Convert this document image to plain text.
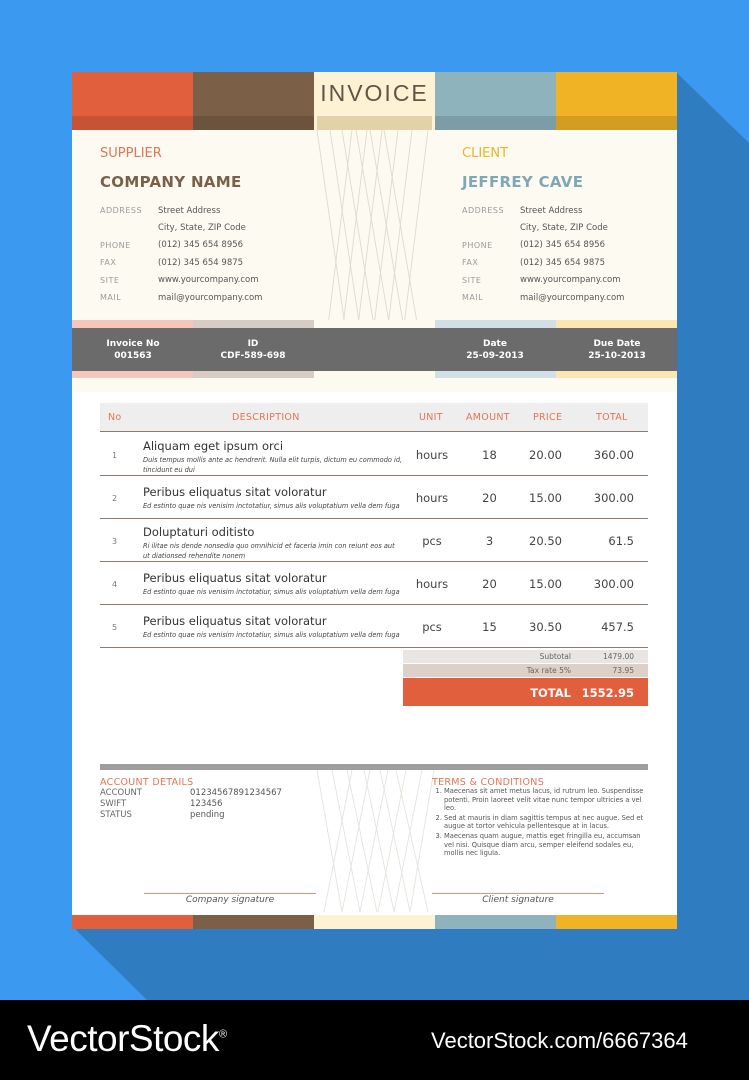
INVOICE
SUPPLIER
COMPANY NAME
ADDRESS	Street Address
	City, State, ZIP Code
PHONE	(012) 345 654 8956
FAX	(012) 345 654 9875
SITE	www.yourcompany.com
MAIL	mail@yourcompany.com
CLIENT
JEFFREY CAVE
ADDRESS	Street Address
	City, State, ZIP Code
PHONE	(012) 345 654 8956
FAX	(012) 345 654 9875
SITE	www.yourcompany.com
MAIL	mail@yourcompany.com
Invoice No
001563
ID
CDF-589-698
Date
25-09-2013
Due Date
25-10-2013
No	DESCRIPTION	UNIT AMOUNT PRICE	TOTAL
1
Aliquam eget ipsum orci
Duis tempus mollis ante ac hendrerit. Nulla elit turpis, dictum eu commodo id, tincidunt eu dui
hours	18	20.00	360.00
2 Peribus eliquatus sitat voloratur
Ed estinto quae nis venisim inctotatiur, simus alis voluptatium vella dem fuga
hours	20	15.00	300.00
3
Doluptaturi oditisto
Ri ilitae nis dende nonsedia quo omnihicid et faceria imin con reiunt eos aut ut diationsed rehendite nonem
pcs	3	20.50	61.5
4 Peribus eliquatus sitat voloratur
Ed estinto quae nis venisim inctotatiur, simus alis voluptatium vella dem fuga
hours	20	15.00	300.00
5 Peribus eliquatus sitat voloratur
Ed estinto quae nis venisim inctotatiur, simus alis voluptatium vella dem fuga
pcs	15	30.50	457.5
Subtotal	1479.00
Tax rate 5%	73.95
TOTAL 1552.95
ACCOUNT DETAILS
ACCOUNT	01234567891234567
SWIFT	123456
STATUS	pending
TERMS & CONDITIONS
1. Maecenas sit amet metus lacus, id rutrum leo. Suspendisse potenti. Proin laoreet velit vitae nunc tempor ultricies a vel leo.
2. Sed at mauris in diam sagittis tempus at nec augue. Sed et augue at tortor vehicula pellentesque at in lacus.
3. Maecenas quam augue, mattis eget fringilla eu, accumsan vel nisi. Quisque diam arcu, semper eleifend sodales eu, mollis nec ligula.
Company signature	Client signature
VectorStock®	VectorStock.com/6667364
